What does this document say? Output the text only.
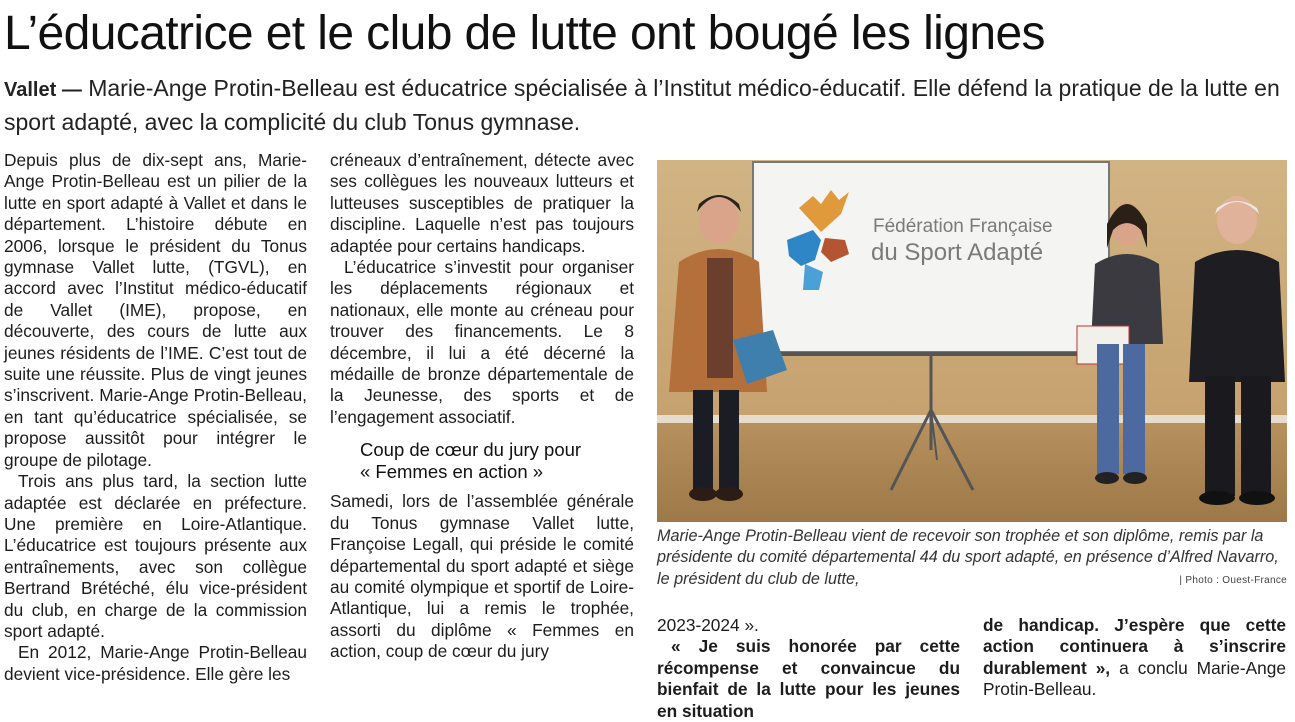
L’éducatrice et le club de lutte ont bougé les lignes
Vallet — Marie-Ange Protin-Belleau est éducatrice spécialisée à l’Institut médico-éducatif. Elle défend la pratique de la lutte en sport adapté, avec la complicité du club Tonus gymnase.

Depuis plus de dix-sept ans, Marie-Ange Protin-Belleau est un pilier de la lutte en sport adapté à Vallet et dans le département. L’histoire débute en 2006, lorsque le président du Tonus gymnase Vallet lutte, (TGVL), en accord avec l’Institut médico-éducatif de Vallet (IME), propose, en découverte, des cours de lutte aux jeunes résidents de l’IME. C’est tout de suite une réussite. Plus de vingt jeunes s’inscrivent. Marie-Ange Protin-Belleau, en tant qu’éducatrice spécialisée, se propose aussitôt pour intégrer le groupe de pilotage.

Trois ans plus tard, la section lutte adaptée est déclarée en préfecture. Une première en Loire-Atlantique. L’éducatrice est toujours présente aux entraînements, avec son collègue Bertrand Brétéché, élu vice-président du club, en charge de la commission sport adapté.

En 2012, Marie-Ange Protin-Belleau devient vice-présidence. Elle gère les

créneaux d’entraînement, détecte avec ses collègues les nouveaux lutteurs et lutteuses susceptibles de pratiquer la discipline. Laquelle n’est pas toujours adaptée pour certains handicaps.

L’éducatrice s’investit pour organiser les déplacements régionaux et nationaux, elle monte au créneau pour trouver des financements. Le 8 décembre, il lui a été décerné la médaille de bronze départementale de la Jeunesse, des sports et de l’engagement associatif.

Coup de cœur du jury pour
« Femmes en action »

Samedi, lors de l’assemblée générale du Tonus gymnase Vallet lutte, Françoise Legall, qui préside le comité départemental du sport adapté et siège au comité olympique et sportif de Loire-Atlantique, lui a remis le trophée, assorti du diplôme « Femmes en action, coup de cœur du jury

Fédération Française
du Sport Adapté
Marie-Ange Protin-Belleau vient de recevoir son trophée et son diplôme, remis par la présidente du comité départemental 44 du sport adapté, en présence d’Alfred Navarro, le président du club de lutte,	| Photo : Ouest-France

2023-2024 ».

« Je suis honorée par cette récompense et convaincue du bienfait de la lutte pour les jeunes en situation

de handicap. J’espère que cette action continuera à s’inscrire durablement », a conclu Marie-Ange Protin-Belleau.
